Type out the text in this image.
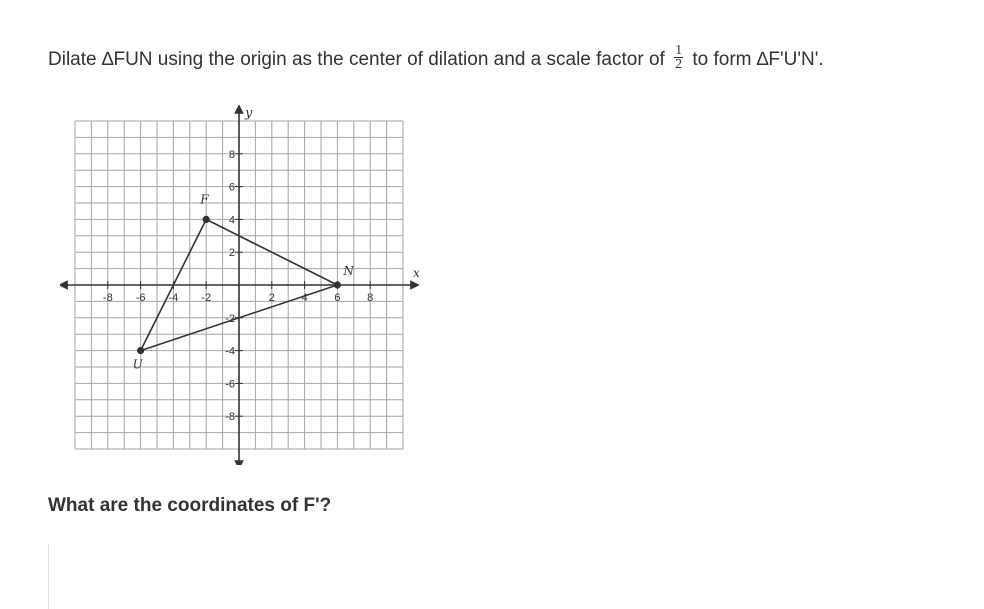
Dilate ∆FUN using the origin as the center of dilation and a scale factor of $\frac{1}{2}$ to form ∆F'U'N'.
x
y
-8 -6 -4 -2	2 4 6 8
8
6
4
2
-2
-4
-6
-8
F
U
N
What are the coordinates of F'?
